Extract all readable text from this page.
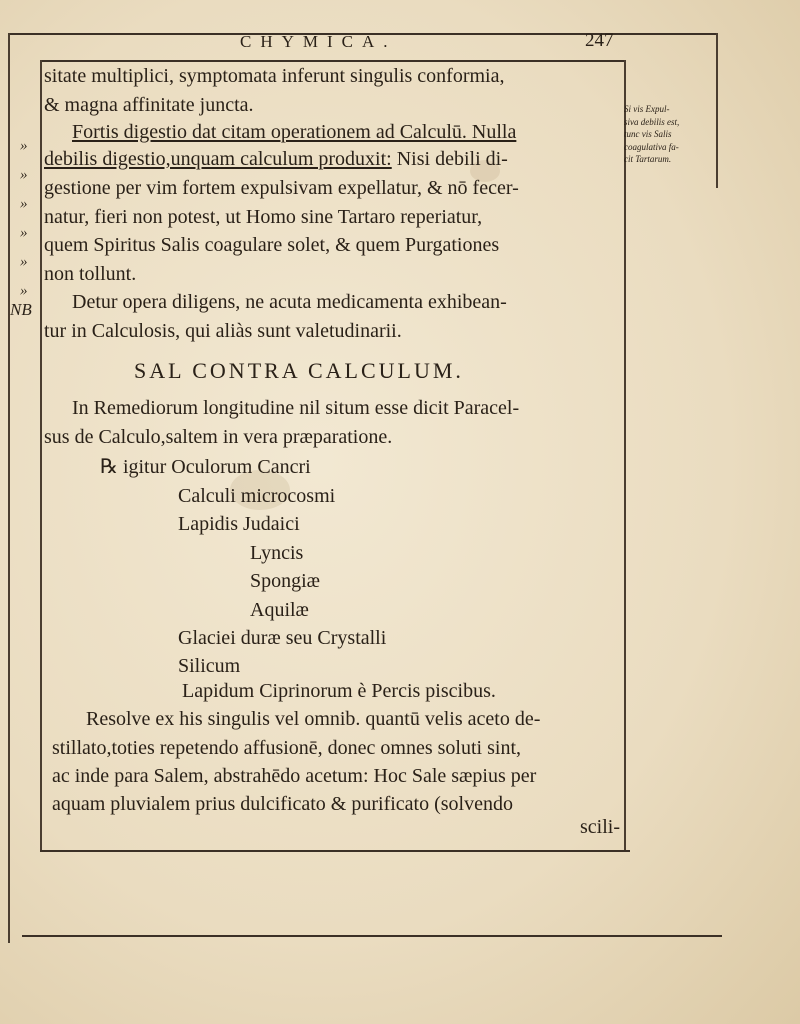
CHYMICA.	247
Si vis Expul-
siva debilis est,
tunc vis Salis
coagulativa fa-
cit Tartarum.
»
»
»
»
»
»
NB
sitate multiplici, symptomata inferunt singulis conformia,
& magna affinitate juncta.
Fortis digestio dat citam operationem ad Calculū. Nulla
debilis digestio,unquam calculum produxit: Nisi debili di-
gestione per vim fortem expulsivam expellatur, & nō fecer-
natur, fieri non potest, ut Homo sine Tartaro reperiatur,
quem Spiritus Salis coagulare solet, & quem Purgationes
non tollunt.
Detur opera diligens, ne acuta medicamenta exhibean-
tur in Calculosis, qui aliàs sunt valetudinarii.
SAL CONTRA CALCULUM.
In Remediorum longitudine nil situm esse dicit Paracel-
sus de Calculo,saltem in vera præparatione.
℞ igitur Oculorum Cancri
Calculi microcosmi
Lapidis Judaici
Lyncis
Spongiæ
Aquilæ
Glaciei duræ seu Crystalli
Silicum
Lapidum Ciprinorum è Percis piscibus.
Resolve ex his singulis vel omnib. quantū velis aceto de-
stillato,toties repetendo affusionē, donec omnes soluti sint,
ac inde para Salem, abstrahēdo acetum: Hoc Sale sæpius per
aquam pluvialem prius dulcificato & purificato (solvendo
scili-
